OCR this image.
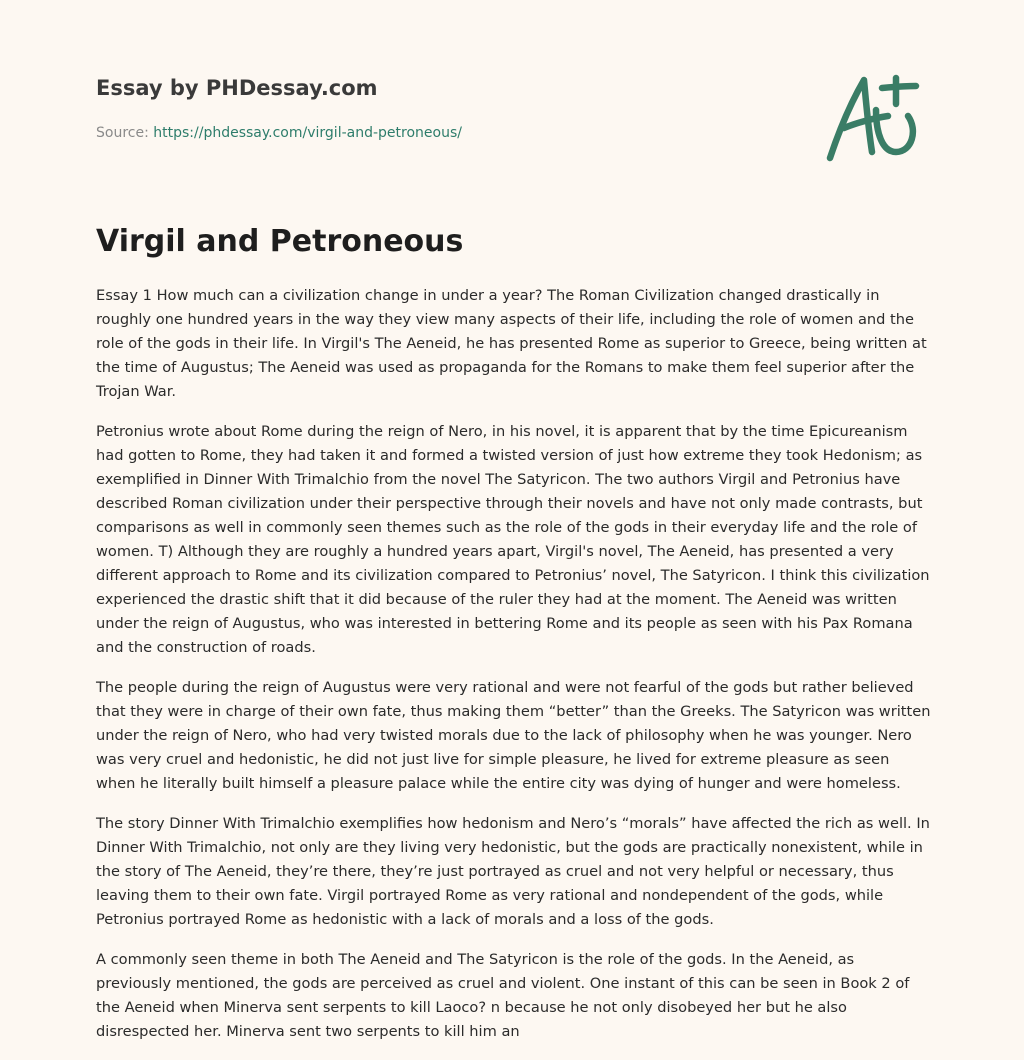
Essay by PHDessay.com
Source: https://phdessay.com/virgil-and-petroneous/
Virgil and Petroneous

Essay 1 How much can a civilization change in under a year? The Roman Civilization changed drastically in roughly one hundred years in the way they view many aspects of their life, including the role of women and the role of the gods in their life. In Virgil's The Aeneid, he has presented Rome as superior to Greece, being written at the time of Augustus; The Aeneid was used as propaganda for the Romans to make them feel superior after the Trojan War.

Petronius wrote about Rome during the reign of Nero, in his novel, it is apparent that by the time Epicureanism had gotten to Rome, they had taken it and formed a twisted version of just how extreme they took Hedonism; as exemplified in Dinner With Trimalchio from the novel The Satyricon. The two authors Virgil and Petronius have described Roman civilization under their perspective through their novels and have not only made contrasts, but comparisons as well in commonly seen themes such as the role of the gods in their everyday life and the role of women. T) Although they are roughly a hundred years apart, Virgil's novel, The Aeneid, has presented a very different approach to Rome and its civilization compared to Petronius’ novel, The Satyricon. I think this civilization experienced the drastic shift that it did because of the ruler they had at the moment. The Aeneid was written under the reign of Augustus, who was interested in bettering Rome and its people as seen with his Pax Romana and the construction of roads.

The people during the reign of Augustus were very rational and were not fearful of the gods but rather believed that they were in charge of their own fate, thus making them “better” than the Greeks. The Satyricon was written under the reign of Nero, who had very twisted morals due to the lack of philosophy when he was younger. Nero was very cruel and hedonistic, he did not just live for simple pleasure, he lived for extreme pleasure as seen when he literally built himself a pleasure palace while the entire city was dying of hunger and were homeless.

The story Dinner With Trimalchio exemplifies how hedonism and Nero’s “morals” have affected the rich as well. In Dinner With Trimalchio, not only are they living very hedonistic, but the gods are practically nonexistent, while in the story of The Aeneid, they’re there, they’re just portrayed as cruel and not very helpful or necessary, thus leaving them to their own fate. Virgil portrayed Rome as very rational and nondependent of the gods, while Petronius portrayed Rome as hedonistic with a lack of morals and a loss of the gods.

A commonly seen theme in both The Aeneid and The Satyricon is the role of the gods. In the Aeneid, as previously mentioned, the gods are perceived as cruel and violent. One instant of this can be seen in Book 2 of the Aeneid when Minerva sent serpents to kill Laoco? n because he not only disobeyed her but he also disrespected her. Minerva sent two serpents to kill him an
